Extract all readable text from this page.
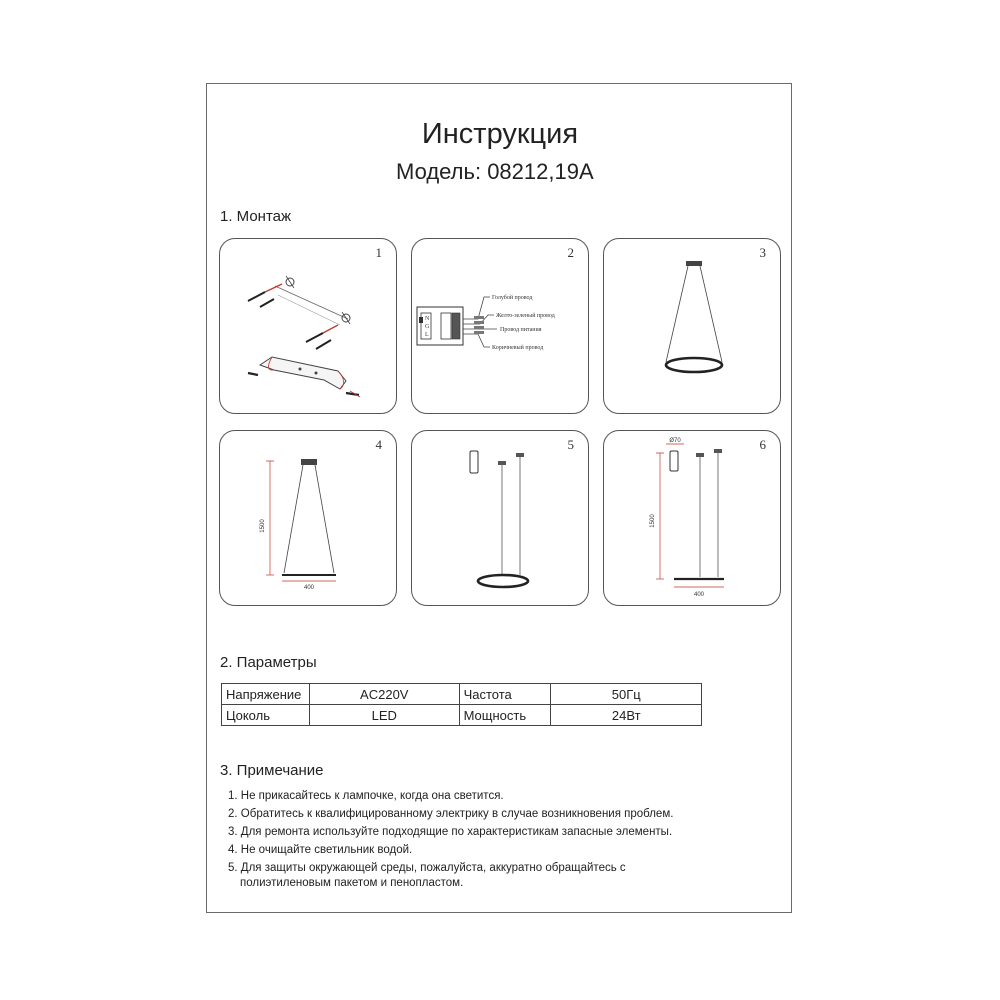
Инструкция
Модель: 08212,19A
1. Монтаж
1	2
N
G
L
Голубой провод
Желто-зеленый провод
Провод питания
Коричневый провод
3
4
1500
400
5	6
Ø70
1500
400
2. Параметры
Напряжение	AC220V	Частота	50Гц
Цоколь	LED	Мощность	24Вт
3. Примечание
1. Не прикасайтесь к лампочке, когда она светится.
2. Обратитесь к квалифицированному электрику в случае возникновения проблем.
3. Для ремонта используйте подходящие по характеристикам запасные элементы.
4. Не очищайте светильник водой.
5. Для защиты окружающей среды, пожалуйста, аккуратно обращайтесь с
полиэтиленовым пакетом и пенопластом.
